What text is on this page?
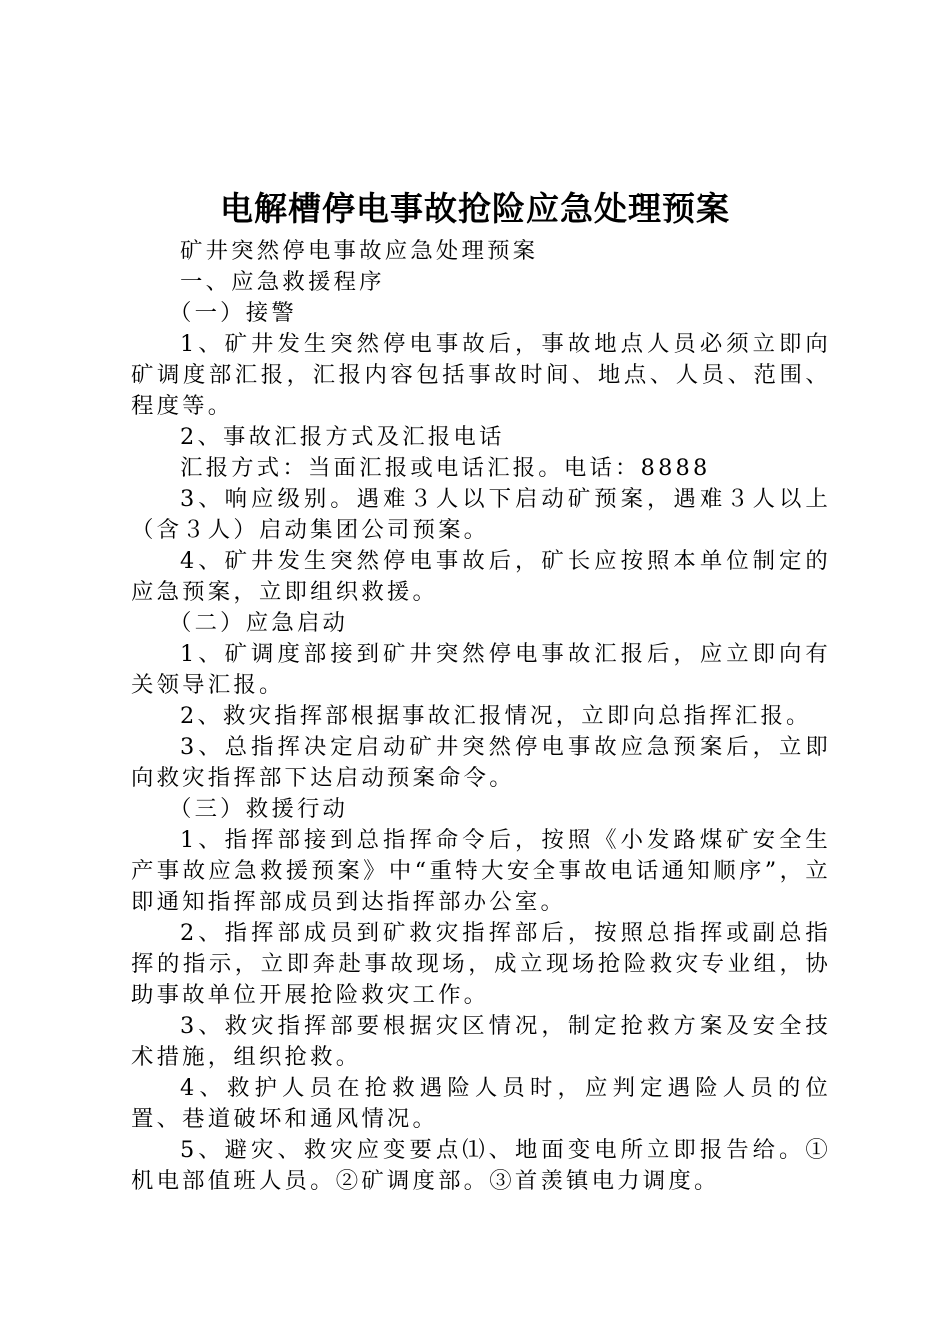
电解槽停电事故抢险应急处理预案

矿井突然停电事故应急处理预案

一、应急救援程序

（一）接警

1、矿井发生突然停电事故后，事故地点人员必须立即向矿调度部汇报，汇报内容包括事故时间、地点、人员、范围、程度等。

2、事故汇报方式及汇报电话

汇报方式：当面汇报或电话汇报。电话：8888

3、响应级别。遇难３人以下启动矿预案，遇难３人以上（含３人）启动集团公司预案。

4、矿井发生突然停电事故后，矿长应按照本单位制定的应急预案，立即组织救援。

（二）应急启动

1、矿调度部接到矿井突然停电事故汇报后，应立即向有关领导汇报。

2、救灾指挥部根据事故汇报情况，立即向总指挥汇报。

3、总指挥决定启动矿井突然停电事故应急预案后，立即向救灾指挥部下达启动预案命令。

（三）救援行动

1、指挥部接到总指挥命令后，按照《小发路煤矿安全生产事故应急救援预案》中“重特大安全事故电话通知顺序”，立即通知指挥部成员到达指挥部办公室。

2、指挥部成员到矿救灾指挥部后，按照总指挥或副总指挥的指示，立即奔赴事故现场，成立现场抢险救灾专业组，协助事故单位开展抢险救灾工作。

3、救灾指挥部要根据灾区情况，制定抢救方案及安全技术措施，组织抢救。

4、救护人员在抢救遇险人员时，应判定遇险人员的位置、巷道破坏和通风情况。

5、避灾、救灾应变要点⑴、地面变电所立即报告给。①机电部值班人员。②矿调度部。③首羡镇电力调度。
